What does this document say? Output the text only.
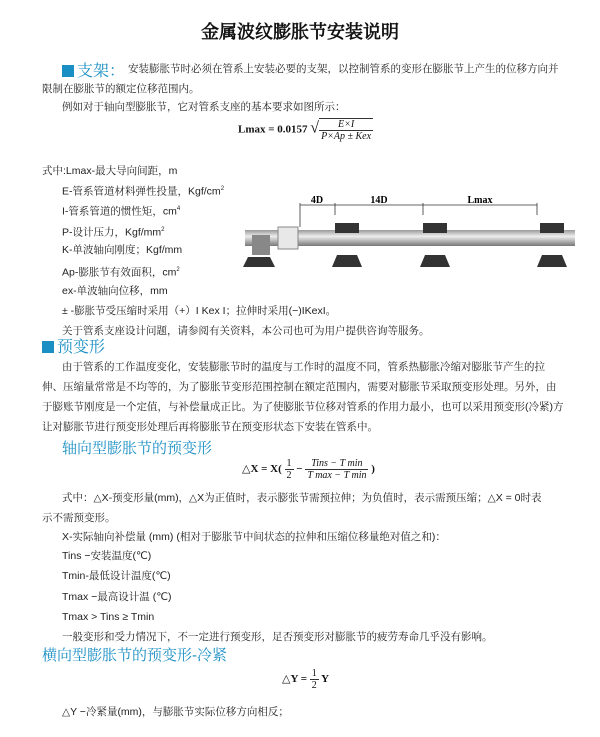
金属波纹膨胀节安装说明
支架： 安装膨胀节时必须在管系上安装必要的支架，以控制管系的变形在膨胀节上产生的位移方向并
限制在膨胀节的额定位移范围内。
例如对于轴向型膨胀节，它对管系支座的基本要求如图所示：
Lmax = 0.0157 √ $\frac{E\times I}{\text{P×Ap ± Kex}}$
式中:Lmax-最大导向间距，m
E-管系管道材料弹性投量，Kgf/$cm^2$
I-管系管道的惯性矩，$cm^4$
P-设计压力，Kgf/$mm^2$
K-单波轴向刚度；Kgf/mm
Ap-膨胀节有效面积，$cm^2$
ex-单波轴向位移，mm
± -膨胀节受压缩时采用（+）I Kex I；拉伸时采用(−)IKexI。
关于管系支座设计问题，请参阅有关资料，本公司也可为用户提供咨询等服务。
4D	14D	Lmax
预变形
由于管系的工作温度变化，安装膨胀节时的温度与工作时的温度不同，管系热膨胀冷缩对膨胀节产生的拉
伸、压缩量常常是不均等的，为了膨胀节变形范围控制在额定范围内，需要对膨胀节采取预变形处理。另外，由
于膨账节刚度是一个定值，与补偿量成正比。为了使膨胀节位移对管系的作用力最小，也可以采用预变形(冷紧)方
让对膨胀节进行预变形处理后再将膨胀节在预变形状态下安装在管系中。
轴向型膨胀节的预变形
△X = $X( \frac{1}{2} - \frac{\text{Tins − T min}}{\text{T max − T min}}$ )
式中：△X-预变形量(mm)，△X为正值时，表示膨张节需预拉伸；为负值时，表示需预压缩；△X = 0时表
示不需预变形。
X-实际轴向补偿量 (mm) (相对于膨胀节中间状态的拉伸和压缩位移量绝对值之和)：
Tins −安装温度(℃)
Tmin-最低设计温度(℃)
Tmax −最高设计温 (℃)
Tmax > Tins ≥ Tmin
一般变形和受力情况下，不一定进行预变形，足否预变形对膨胀节的疲劳寿命几乎没有影响。
横向型膨胀节的预变形-冷紧
△Y = $\frac{1}{2}$ Y
△Y −冷紧量(mm)，与膨胀节实际位移方向相反；
